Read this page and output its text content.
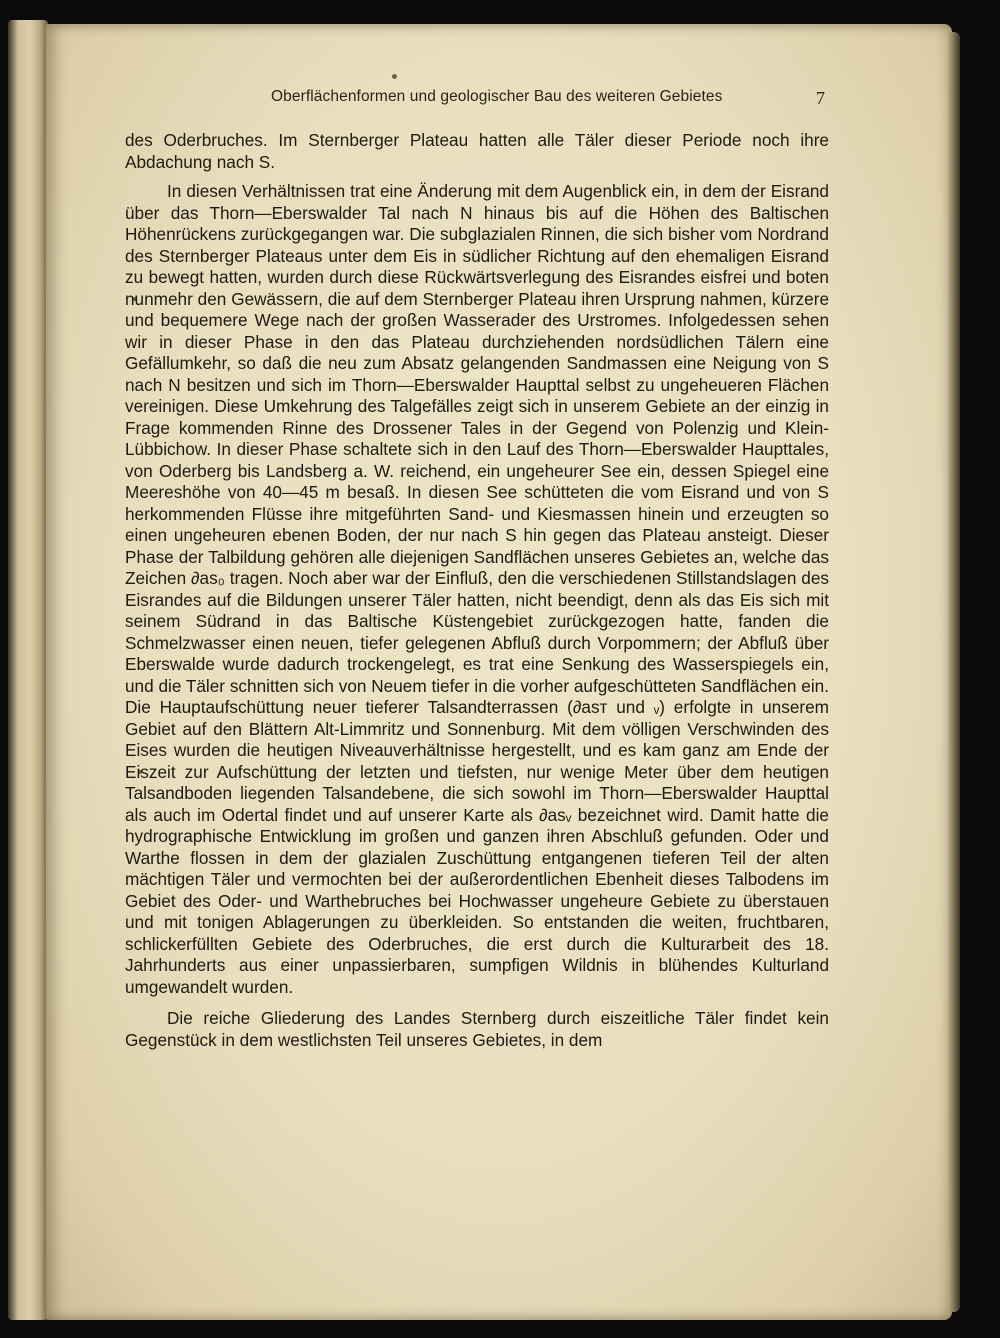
Oberflächenformen und geologischer Bau des weiteren Gebietes	7

des Oderbruches. Im Sternberger Plateau hatten alle Täler dieser Periode noch ihre Abdachung nach S.

In diesen Verhältnissen trat eine Änderung mit dem Augenblick ein, in dem der Eisrand über das Thorn—Eberswalder Tal nach N hinaus bis auf die Höhen des Baltischen Höhenrückens zurückgegangen war. Die subglazialen Rinnen, die sich bisher vom Nordrand des Sternberger Plateaus unter dem Eis in südlicher Richtung auf den ehemaligen Eisrand zu bewegt hatten, wurden durch diese Rückwärtsverlegung des Eisrandes eisfrei und boten nunmehr den Gewässern, die auf dem Sternberger Plateau ihren Ursprung nahmen, kürzere und bequemere Wege nach der großen Wasserader des Urstromes. Infolgedessen sehen wir in dieser Phase in den das Plateau durchziehenden nordsüdlichen Tälern eine Gefällumkehr, so daß die neu zum Absatz gelangenden Sandmassen eine Neigung von S nach N besitzen und sich im Thorn—Eberswalder Haupttal selbst zu ungeheueren Flächen vereinigen. Diese Umkehrung des Talgefälles zeigt sich in unserem Gebiete an der einzig in Frage kommenden Rinne des Drossener Tales in der Gegend von Polenzig und Klein-Lübbichow. In dieser Phase schaltete sich in den Lauf des Thorn—Eberswalder Haupttales, von Oderberg bis Landsberg a. W. reichend, ein ungeheurer See ein, dessen Spiegel eine Meereshöhe von 40—45 m besaß. In diesen See schütteten die vom Eisrand und von S herkommenden Flüsse ihre mitgeführten Sand- und Kiesmassen hinein und erzeugten so einen ungeheuren ebenen Boden, der nur nach S hin gegen das Plateau ansteigt. Dieser Phase der Talbildung gehören alle diejenigen Sandflächen unseres Gebietes an, welche das Zeichen ∂as₀ tragen. Noch aber war der Einfluß, den die verschiedenen Stillstandslagen des Eisrandes auf die Bildungen unserer Täler hatten, nicht beendigt, denn als das Eis sich mit seinem Südrand in das Baltische Küstengebiet zurückgezogen hatte, fanden die Schmelzwasser einen neuen, tiefer gelegenen Abfluß durch Vorpommern; der Abfluß über Eberswalde wurde dadurch trockengelegt, es trat eine Senkung des Wasserspiegels ein, und die Täler schnitten sich von Neuem tiefer in die vorher aufgeschütteten Sandflächen ein. Die Hauptaufschüttung neuer tieferer Talsandterrassen (∂asᴛ und ᵥ) erfolgte in unserem Gebiet auf den Blättern Alt-Limmritz und Sonnenburg. Mit dem völligen Verschwinden des Eises wurden die heutigen Niveauverhältnisse hergestellt, und es kam ganz am Ende der Eiszeit zur Aufschüttung der letzten und tiefsten, nur wenige Meter über dem heutigen Talsandboden liegenden Talsandebene, die sich sowohl im Thorn—Eberswalder Haupttal als auch im Odertal findet und auf unserer Karte als ∂asᵥ bezeichnet wird. Damit hatte die hydrographische Entwicklung im großen und ganzen ihren Abschluß gefunden. Oder und Warthe flossen in dem der glazialen Zuschüttung entgangenen tieferen Teil der alten mächtigen Täler und vermochten bei der außerordentlichen Ebenheit dieses Talbodens im Gebiet des Oder- und Warthebruches bei Hochwasser ungeheure Gebiete zu überstauen und mit tonigen Ablagerungen zu überkleiden. So entstanden die weiten, fruchtbaren, schlickerfüllten Gebiete des Oderbruches, die erst durch die Kulturarbeit des 18. Jahrhunderts aus einer unpassierbaren, sumpfigen Wildnis in blühendes Kulturland umgewandelt wurden.

Die reiche Gliederung des Landes Sternberg durch eiszeitliche Täler findet kein Gegenstück in dem westlichsten Teil unseres Gebietes, in dem
